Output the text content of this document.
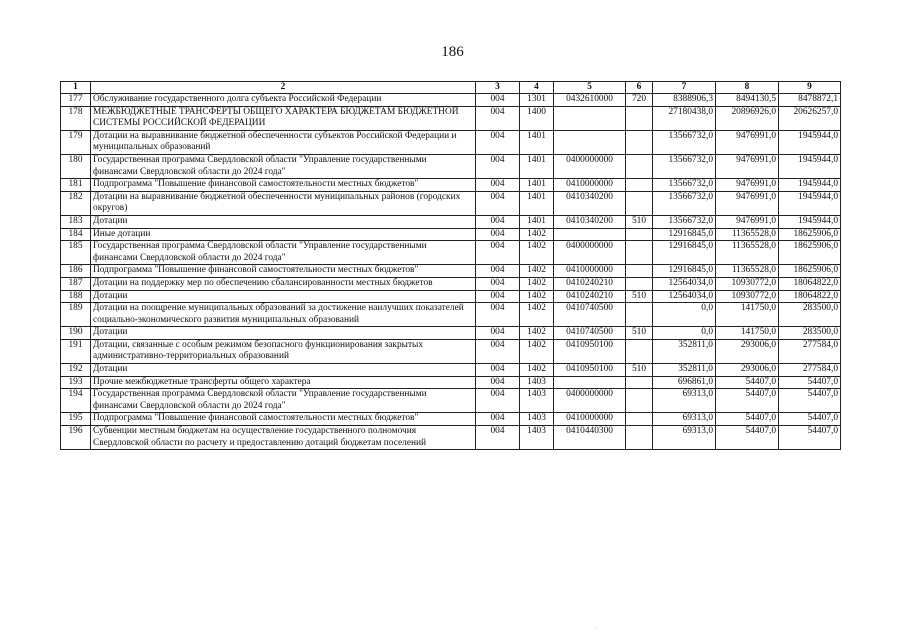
186
1	2	3	4	5	6	7	8	9
177	Обслуживание государственного долга субъекта Российской Федерации	004	1301	0432610000	720	8388906,3	8494130,5	8478872,1
178	МЕЖБЮДЖЕТНЫЕ ТРАНСФЕРТЫ ОБЩЕГО ХАРАКТЕРА БЮДЖЕТАМ БЮДЖЕТНОЙ СИСТЕМЫ РОССИЙСКОЙ ФЕДЕРАЦИИ	004	1400			27180438,0	20896926,0	20626257,0
179	Дотации на выравнивание бюджетной обеспеченности субъектов Российской Федерации и муниципальных образований	004	1401			13566732,0	9476991,0	1945944,0
180	Государственная программа Свердловской области "Управление государственными финансами Свердловской области до 2024 года"	004	1401	0400000000		13566732,0	9476991,0	1945944,0
181	Подпрограмма "Повышение финансовой самостоятельности местных бюджетов"	004	1401	0410000000		13566732,0	9476991,0	1945944,0
182	Дотации на выравнивание бюджетной обеспеченности муниципальных районов (городских округов)	004	1401	0410340200		13566732,0	9476991,0	1945944,0
183	Дотации	004	1401	0410340200	510	13566732,0	9476991,0	1945944,0
184	Иные дотации	004	1402			12916845,0	11365528,0	18625906,0
185	Государственная программа Свердловской области "Управление государственными финансами Свердловской области до 2024 года"	004	1402	0400000000		12916845,0	11365528,0	18625906,0
186	Подпрограмма "Повышение финансовой самостоятельности местных бюджетов"	004	1402	0410000000		12916845,0	11365528,0	18625906,0
187	Дотации на поддержку мер по обеспечению сбалансированности местных бюджетов	004	1402	0410240210		12564034,0	10930772,0	18064822,0
188	Дотации	004	1402	0410240210	510	12564034,0	10930772,0	18064822,0
189	Дотации на поощрение муниципальных образований за достижение наилучших показателей социально-экономического развития муниципальных образований	004	1402	0410740500		0,0	141750,0	283500,0
190	Дотации	004	1402	0410740500	510	0,0	141750,0	283500,0
191	Дотации, связанные с особым режимом безопасного функционирования закрытых административно-территориальных образований	004	1402	0410950100		352811,0	293006,0	277584,0
192	Дотации	004	1402	0410950100	510	352811,0	293006,0	277584,0
193	Прочие межбюджетные трансферты общего характера	004	1403			696861,0	54407,0	54407,0
194	Государственная программа Свердловской области "Управление государственными финансами Свердловской области до 2024 года"	004	1403	0400000000		69313,0	54407,0	54407,0
195	Подпрограмма "Повышение финансовой самостоятельности местных бюджетов"	004	1403	0410000000		69313,0	54407,0	54407,0
196	Субвенции местным бюджетам на осуществление государственного полномочия Свердловской области по расчету и предоставлению дотаций бюджетам поселений	004	1403	0410440300		69313,0	54407,0	54407,0
.
